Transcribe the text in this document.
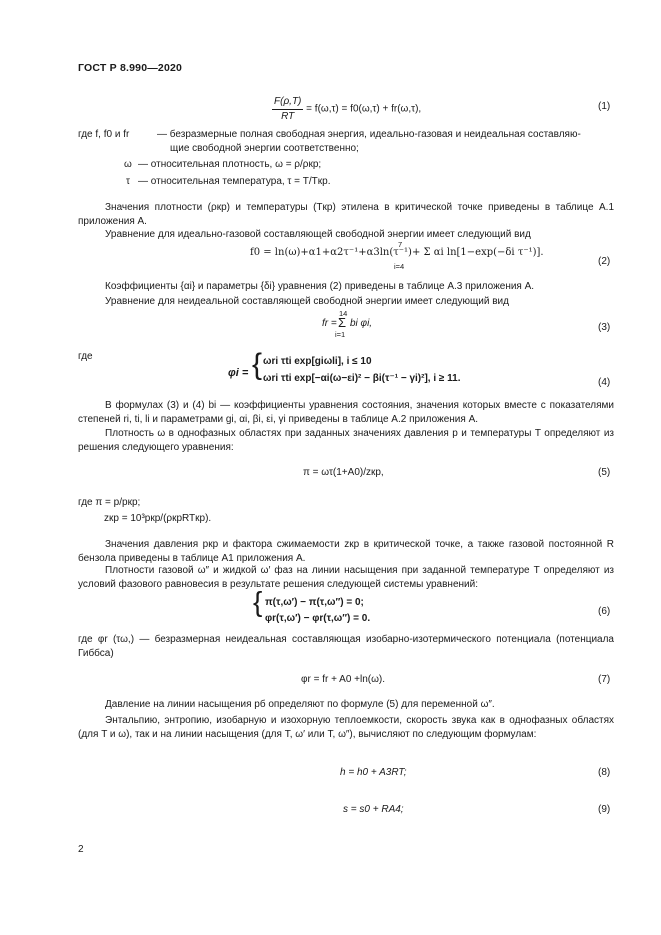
ГОСТ Р 8.990—2020
$\frac{F(\rho,T)}{RT} = f(\omega,\tau) = f0(\omega,\tau) + fr(\omega,\tau)$,	(1)
где f, f0 и fr	— безразмерные полная свободная энергия, идеально-газовая и неидеальная составляю-
щие свободной энергии соответственно;
ω — относительная плотность, ω = ρ/ρкр;
τ — относительная температура, τ = T/Tкр.
Значения плотности (ρкр) и температуры (Tкр) этилена в критической точке приведены в таблице А.1 приложения А.
Уравнение для идеально-газовой составляющей свободной энергии имеет следующий вид
f0 = ln(ω)+α1+α2τ⁻¹+α3ln(τ⁻¹)+ Σ αi ln[1−exp(−δi τ⁻¹)].
7
i=4	(2)
Коэффициенты {αi} и параметры {δi} уравнения (2) приведены в таблице А.3 приложения А.
Уравнение для неидеальной составляющей свободной энергии имеет следующий вид
14
fr = Σ bi φi,
i=1
(3)
где
φi = { ωri τti exp[giωli], i ≤ 10
ωri τti exp[−αi(ω−εi)² − βi(τ⁻¹ − γi)²], i ≥ 11.	(4)
В формулах (3) и (4) bi — коэффициенты уравнения состояния, значения которых вместе с показателями степеней ri, ti, li и параметрами gi, αi, βi, εi, γi приведены в таблице А.2 приложения А.
Плотность ω в однофазных областях при заданных значениях давления p и температуры T определяют из решения следующего уравнения:
π = ωτ(1+A0)/zкр,	(5)
где π = p/pкр;
zкр = 10³pкр/(ρкрRTкр).
Значения давления pкр и фактора сжимаемости zкр в критической точке, а также газовой постоянной R бензола приведены в таблице А1 приложения А.
Плотности газовой ω″ и жидкой ω′ фаз на линии насыщения при заданной температуре T определяют из условий фазового равновесия в результате решения следующей системы уравнений:
{ π(τ,ω′) − π(τ,ω″) = 0;
φr(τ,ω′) − φr(τ,ω″) = 0.
(6)
где φr (τω,) — безразмерная неидеальная составляющая изобарно-изотермического потенциала (потенциала Гиббса)
φr = fr + A0 +ln(ω).	(7)
Давление на линии насыщения pб определяют по формуле (5) для переменной ω″.
Энтальпию, энтропию, изобарную и изохорную теплоемкости, скорость звука как в однофазных областях (для T и ω), так и на линии насыщения (для T, ω′ или T, ω″), вычисляют по следующим формулам:
h = h0 + A3RT;	(8)
s = s0 + RA4;	(9)
2
